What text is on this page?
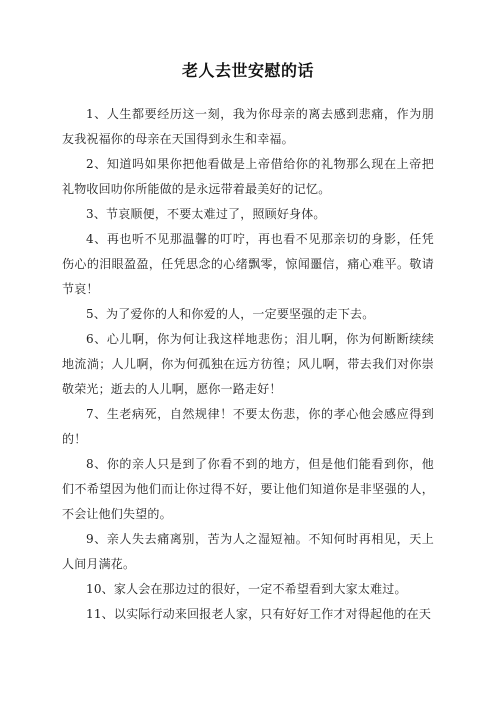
老人去世安慰的话

1、人生都要经历这一刻，我为你母亲的离去感到悲痛，作为朋友我祝福你的母亲在天国得到永生和幸福。

2、知道吗如果你把他看做是上帝借给你的礼物那么现在上帝把礼物收回叻你所能做的是永远带着最美好的记忆。

3、节哀顺便，不要太难过了，照顾好身体。

4、再也听不见那温馨的叮咛，再也看不见那亲切的身影，任凭伤心的泪眼盈盈，任凭思念的心绪飘零，惊闻噩信，痛心难平。敬请节哀！

5、为了爱你的人和你爱的人，一定要坚强的走下去。

6、心儿啊，你为何让我这样地悲伤；泪儿啊，你为何断断续续地流淌；人儿啊，你为何孤独在远方彷徨；风儿啊，带去我们对你崇敬荣光；逝去的人儿啊，愿你一路走好！

7、生老病死，自然规律！不要太伤悲，你的孝心他会感应得到的！

8、你的亲人只是到了你看不到的地方，但是他们能看到你，他们不希望因为他们而让你过得不好，要让他们知道你是非坚强的人，不会让他们失望的。

9、亲人失去痛离别，苦为人之湿短袖。不知何时再相见，天上人间月满花。

10、家人会在那边过的很好，一定不希望看到大家太难过。

11、以实际行动来回报老人家，只有好好工作才对得起他的在天
